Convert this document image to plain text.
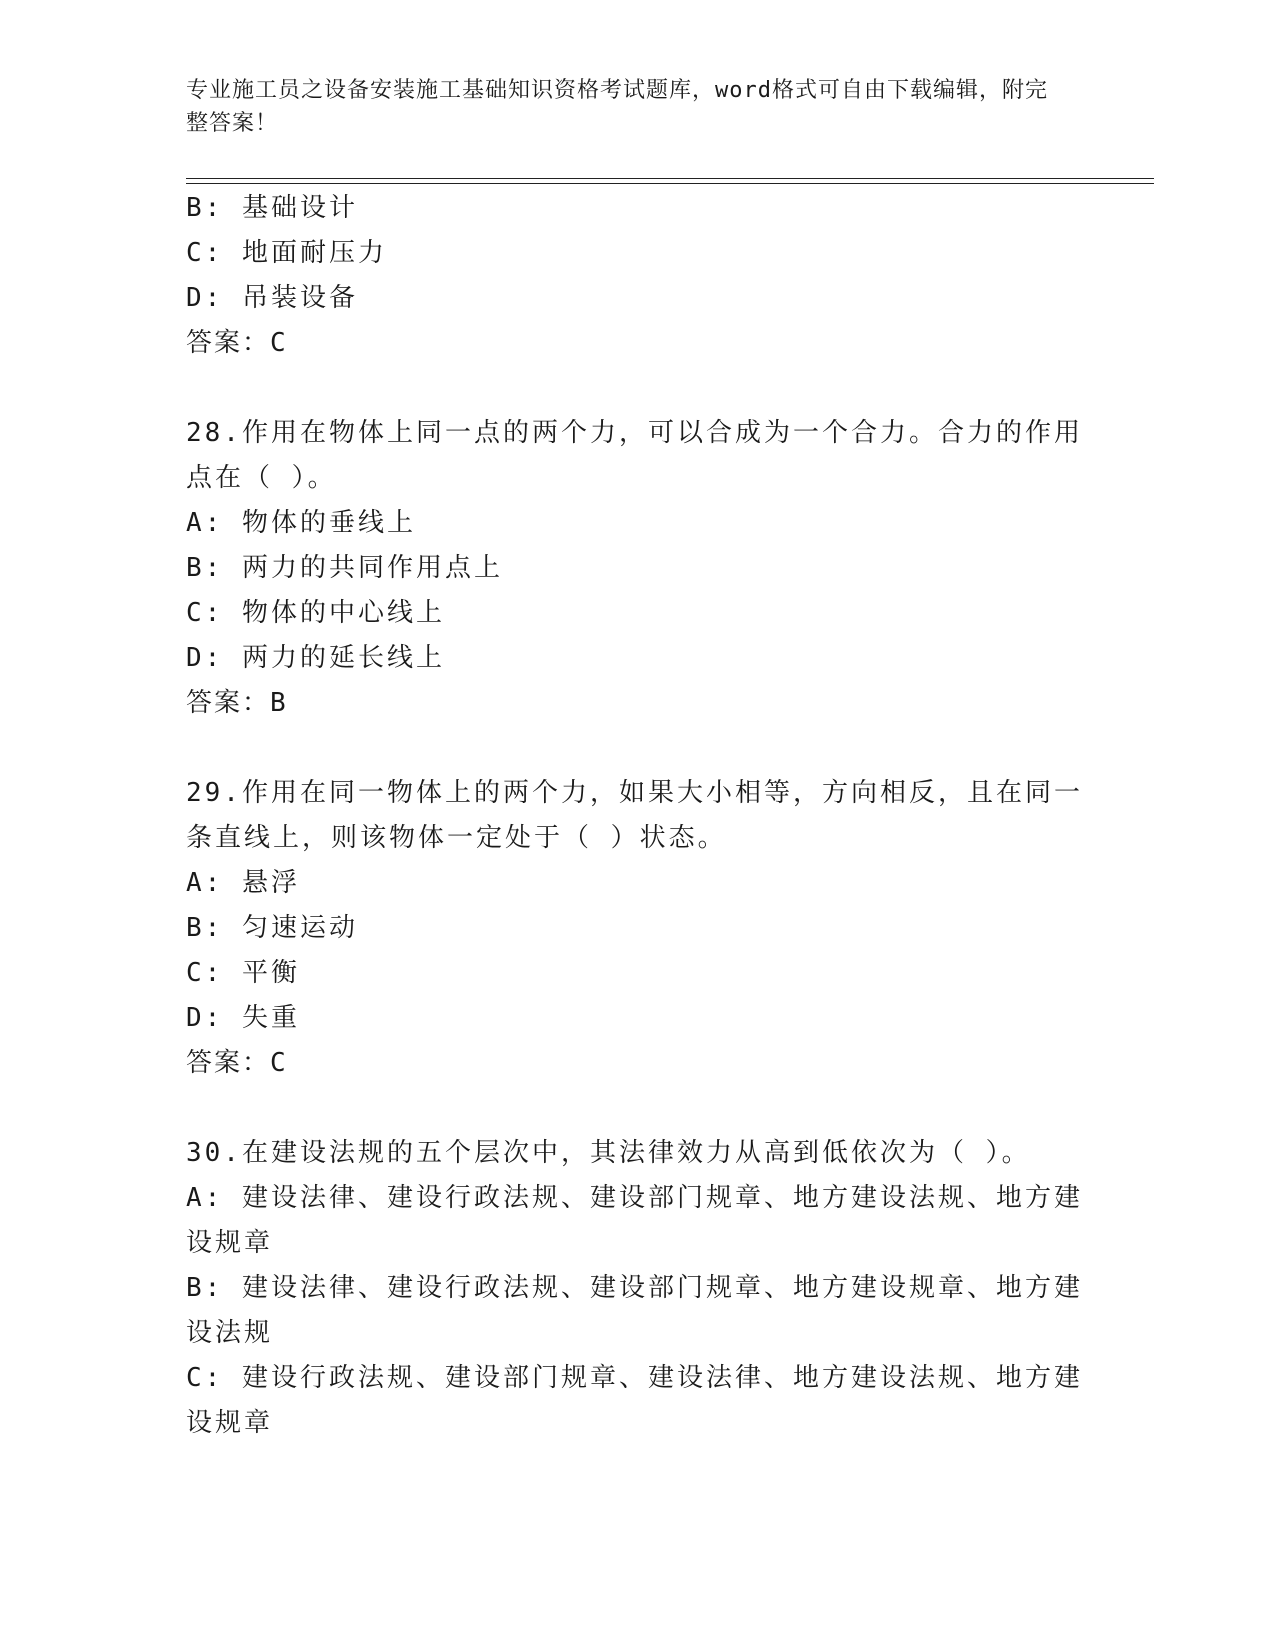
专业施工员之设备安装施工基础知识资格考试题库，word格式可自由下载编辑，附完整答案！
B: 基础设计
C: 地面耐压力
D: 吊装设备
答案：C
28.作用在物体上同一点的两个力，可以合成为一个合力。合力的作用
点在（ ）。
A: 物体的垂线上
B: 两力的共同作用点上
C: 物体的中心线上
D: 两力的延长线上
答案：B
29.作用在同一物体上的两个力，如果大小相等，方向相反，且在同一
条直线上，则该物体一定处于（ ）状态。
A: 悬浮
B: 匀速运动
C: 平衡
D: 失重
答案：C
30.在建设法规的五个层次中，其法律效力从高到低依次为（ ）。
A: 建设法律、建设行政法规、建设部门规章、地方建设法规、地方建
设规章
B: 建设法律、建设行政法规、建设部门规章、地方建设规章、地方建
设法规
C: 建设行政法规、建设部门规章、建设法律、地方建设法规、地方建
设规章
